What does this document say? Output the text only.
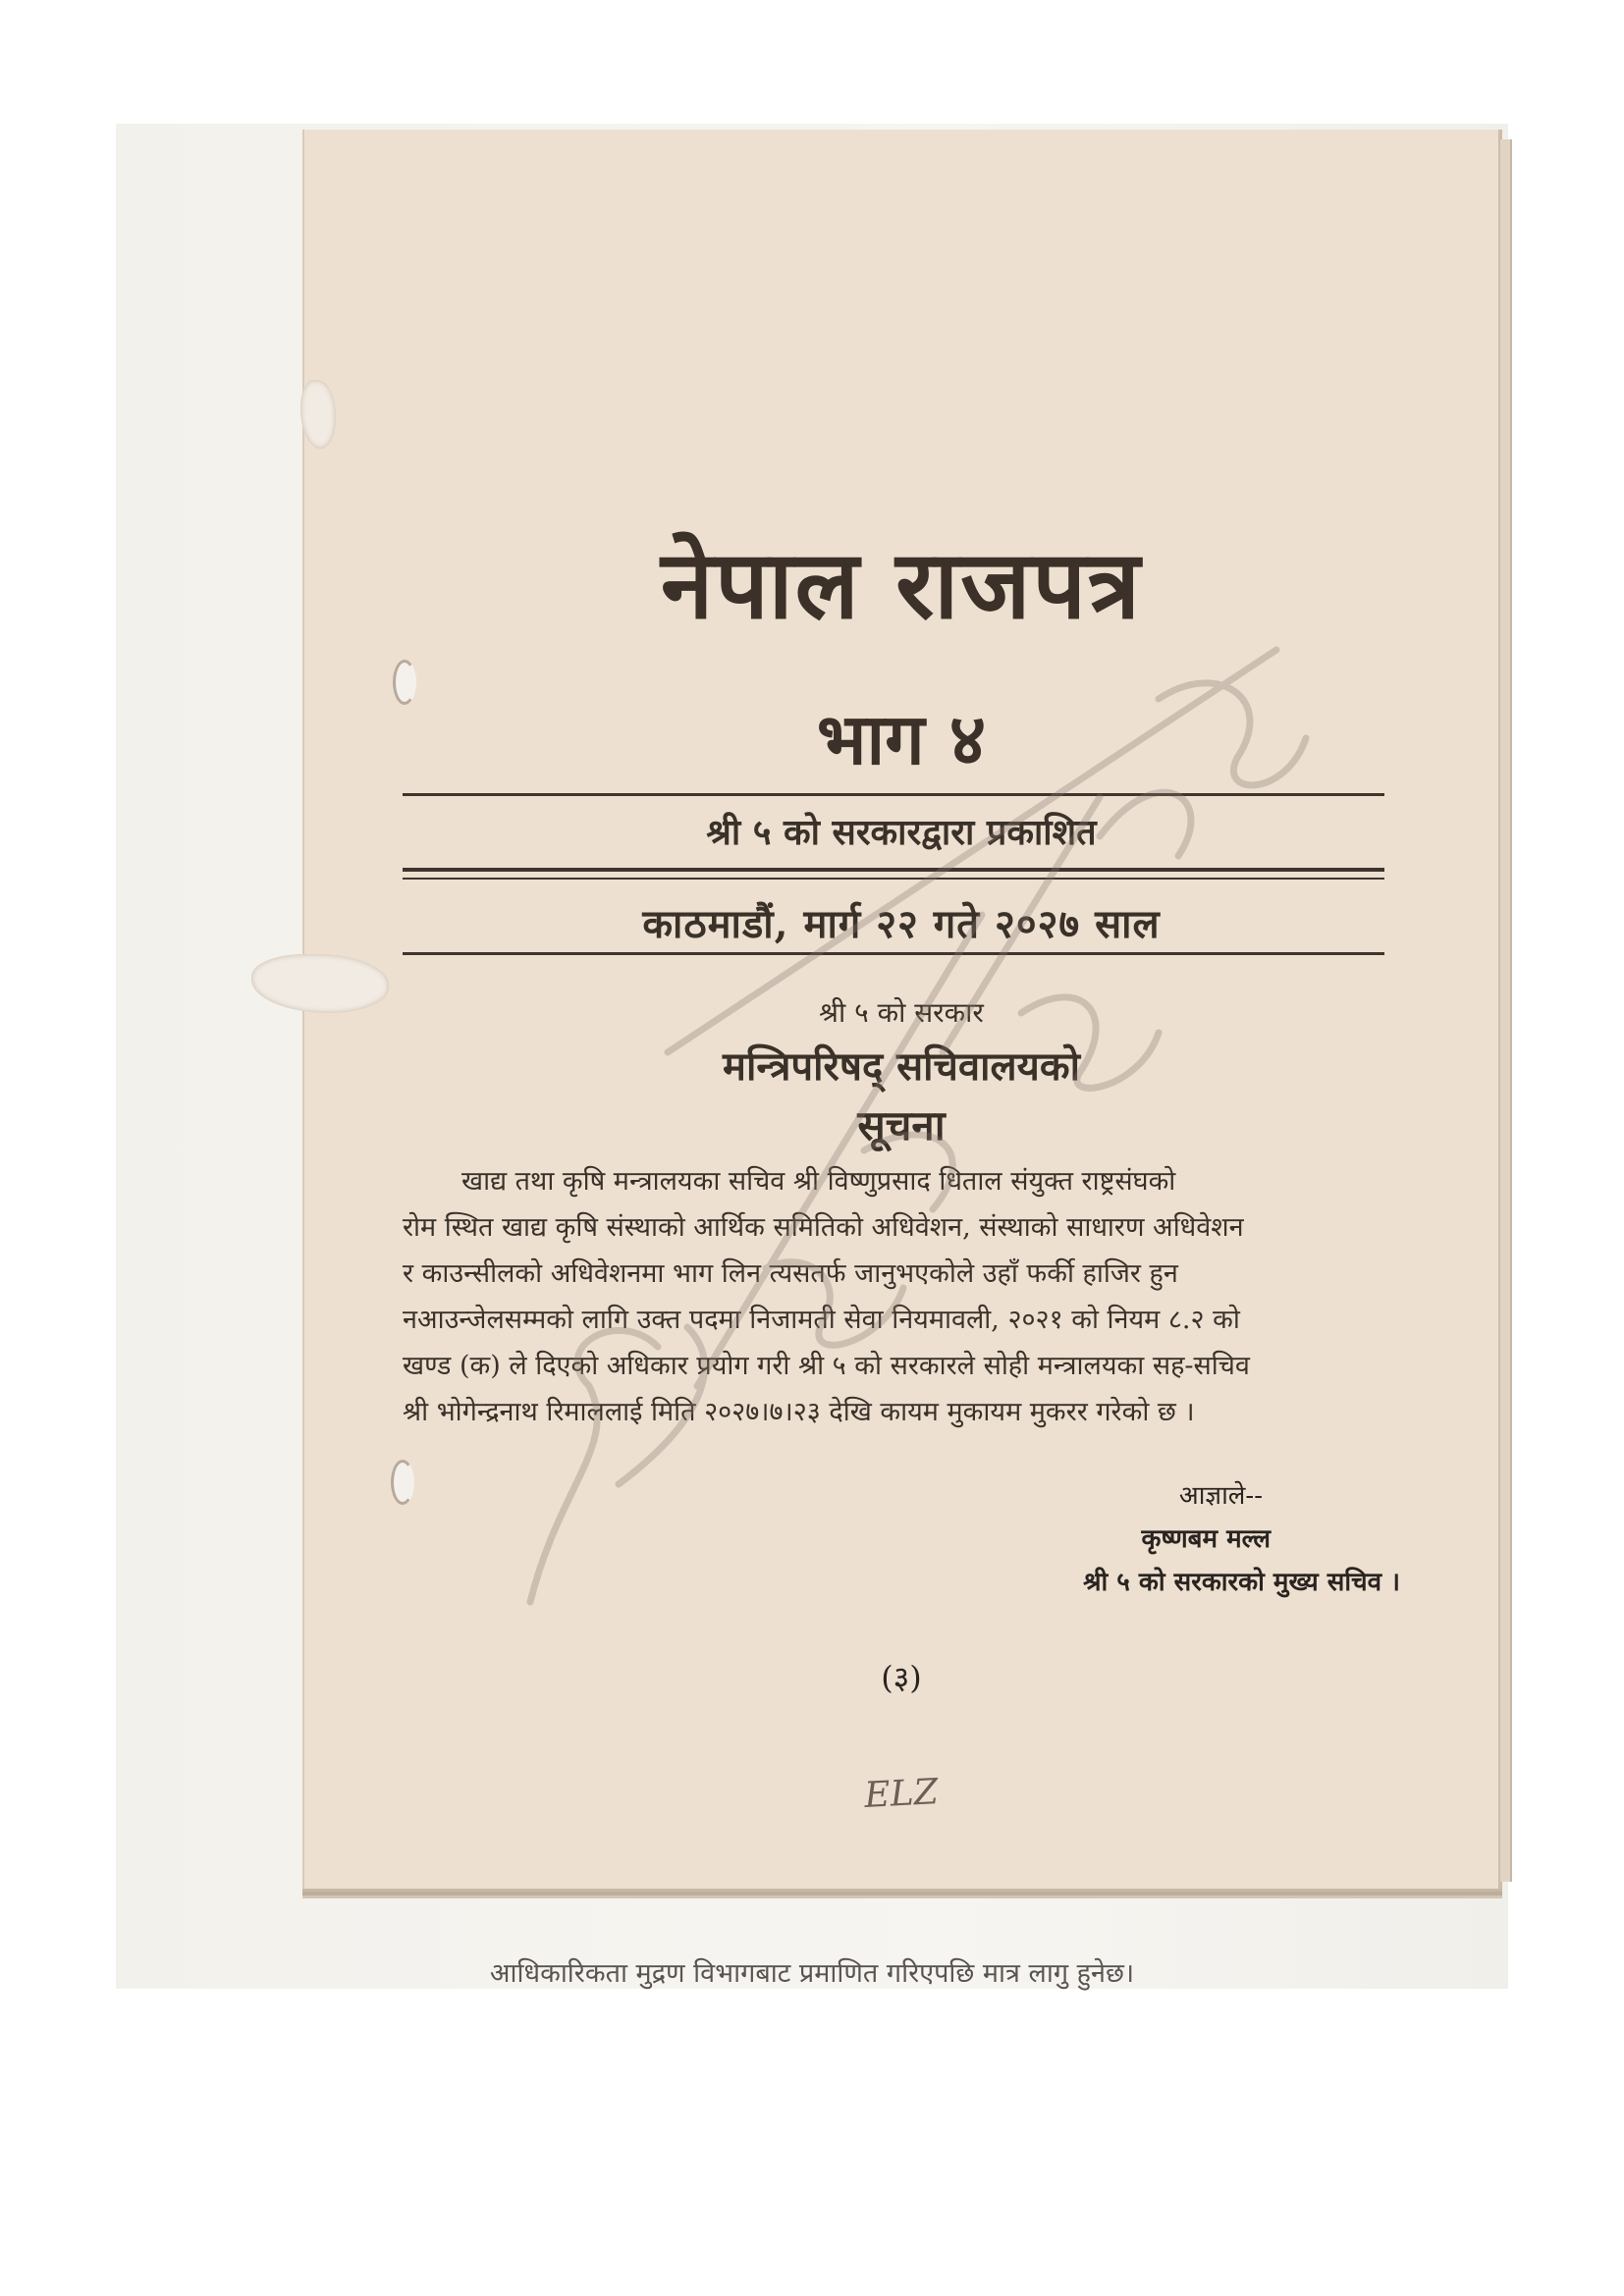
नेपाल राजपत्र
भाग ४
श्री ५ को सरकारद्वारा प्रकाशित
काठमाडौं, मार्ग २२ गते २०२७ साल
श्री ५ को सरकार
मन्त्रिपरिषद् सचिवालयको
सूचना
खाद्य तथा कृषि मन्त्रालयका सचिव श्री विष्णुप्रसाद धिताल संयुक्त राष्ट्रसंघको
रोम स्थित खाद्य कृषि संस्थाको आर्थिक समितिको अधिवेशन, संस्थाको साधारण अधिवेशन
र काउन्सीलको अधिवेशनमा भाग लिन त्यसतर्फ जानुभएकोले उहाँ फर्की हाजिर हुन
नआउन्जेलसम्मको लागि उक्त पदमा निजामती सेवा नियमावली, २०२१ को नियम ८.२ को
खण्ड (क) ले दिएको अधिकार प्रयोग गरी श्री ५ को सरकारले सोही मन्त्रालयका सह-सचिव
श्री भोगेन्द्रनाथ रिमाललाई मिति २०२७।७।२३ देखि कायम मुकायम मुकरर गरेको छ ।
आज्ञाले--
कृष्णबम मल्ल
श्री ५ को सरकारको मुख्य सचिव ।
(३)
ELZ
आधिकारिकता मुद्रण विभागबाट प्रमाणित गरिएपछि मात्र लागु हुनेछ।
